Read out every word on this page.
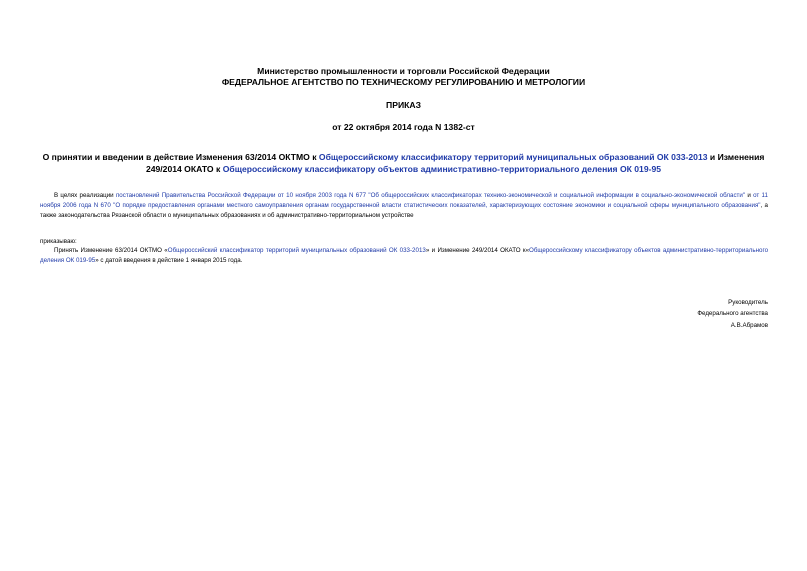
Министерство промышленности и торговли Российской Федерации
ФЕДЕРАЛЬНОЕ АГЕНТСТВО ПО ТЕХНИЧЕСКОМУ РЕГУЛИРОВАНИЮ И МЕТРОЛОГИИ
ПРИКАЗ
от 22 октября 2014 года N 1382-ст
О принятии и введении в действие Изменения 63/2014 ОКТМО к Общероссийскому классификатору территорий муниципальных образований ОК 033-2013 и Изменения 249/2014 ОКАТО к Общероссийскому классификатору объектов административно-территориального деления ОК 019-95
В целях реализации постановлений Правительства Российской Федерации от 10 ноября 2003 года N 677 "Об общероссийских классификаторах технико-экономической и социальной информации в социально-экономической области" и от 11 ноября 2006 года N 670 "О порядке предоставления органами местного самоуправления органам государственной власти статистических показателей, характеризующих состояние экономики и социальной сферы муниципального образования", а также законодательства Рязанской области о муниципальных образованиях и об административно-территориальном устройстве
приказываю:
Принять Изменение 63/2014 ОКТМО «Общероссийский классификатор территорий муниципальных образований ОК 033-2013» и Изменение 249/2014 ОКАТО к«Общероссийскому классификатору объектов административно-территориального деления ОК 019-95» с датой введения в действие 1 января 2015 года.
Руководитель
Федерального агентства
А.В.Абрамов
